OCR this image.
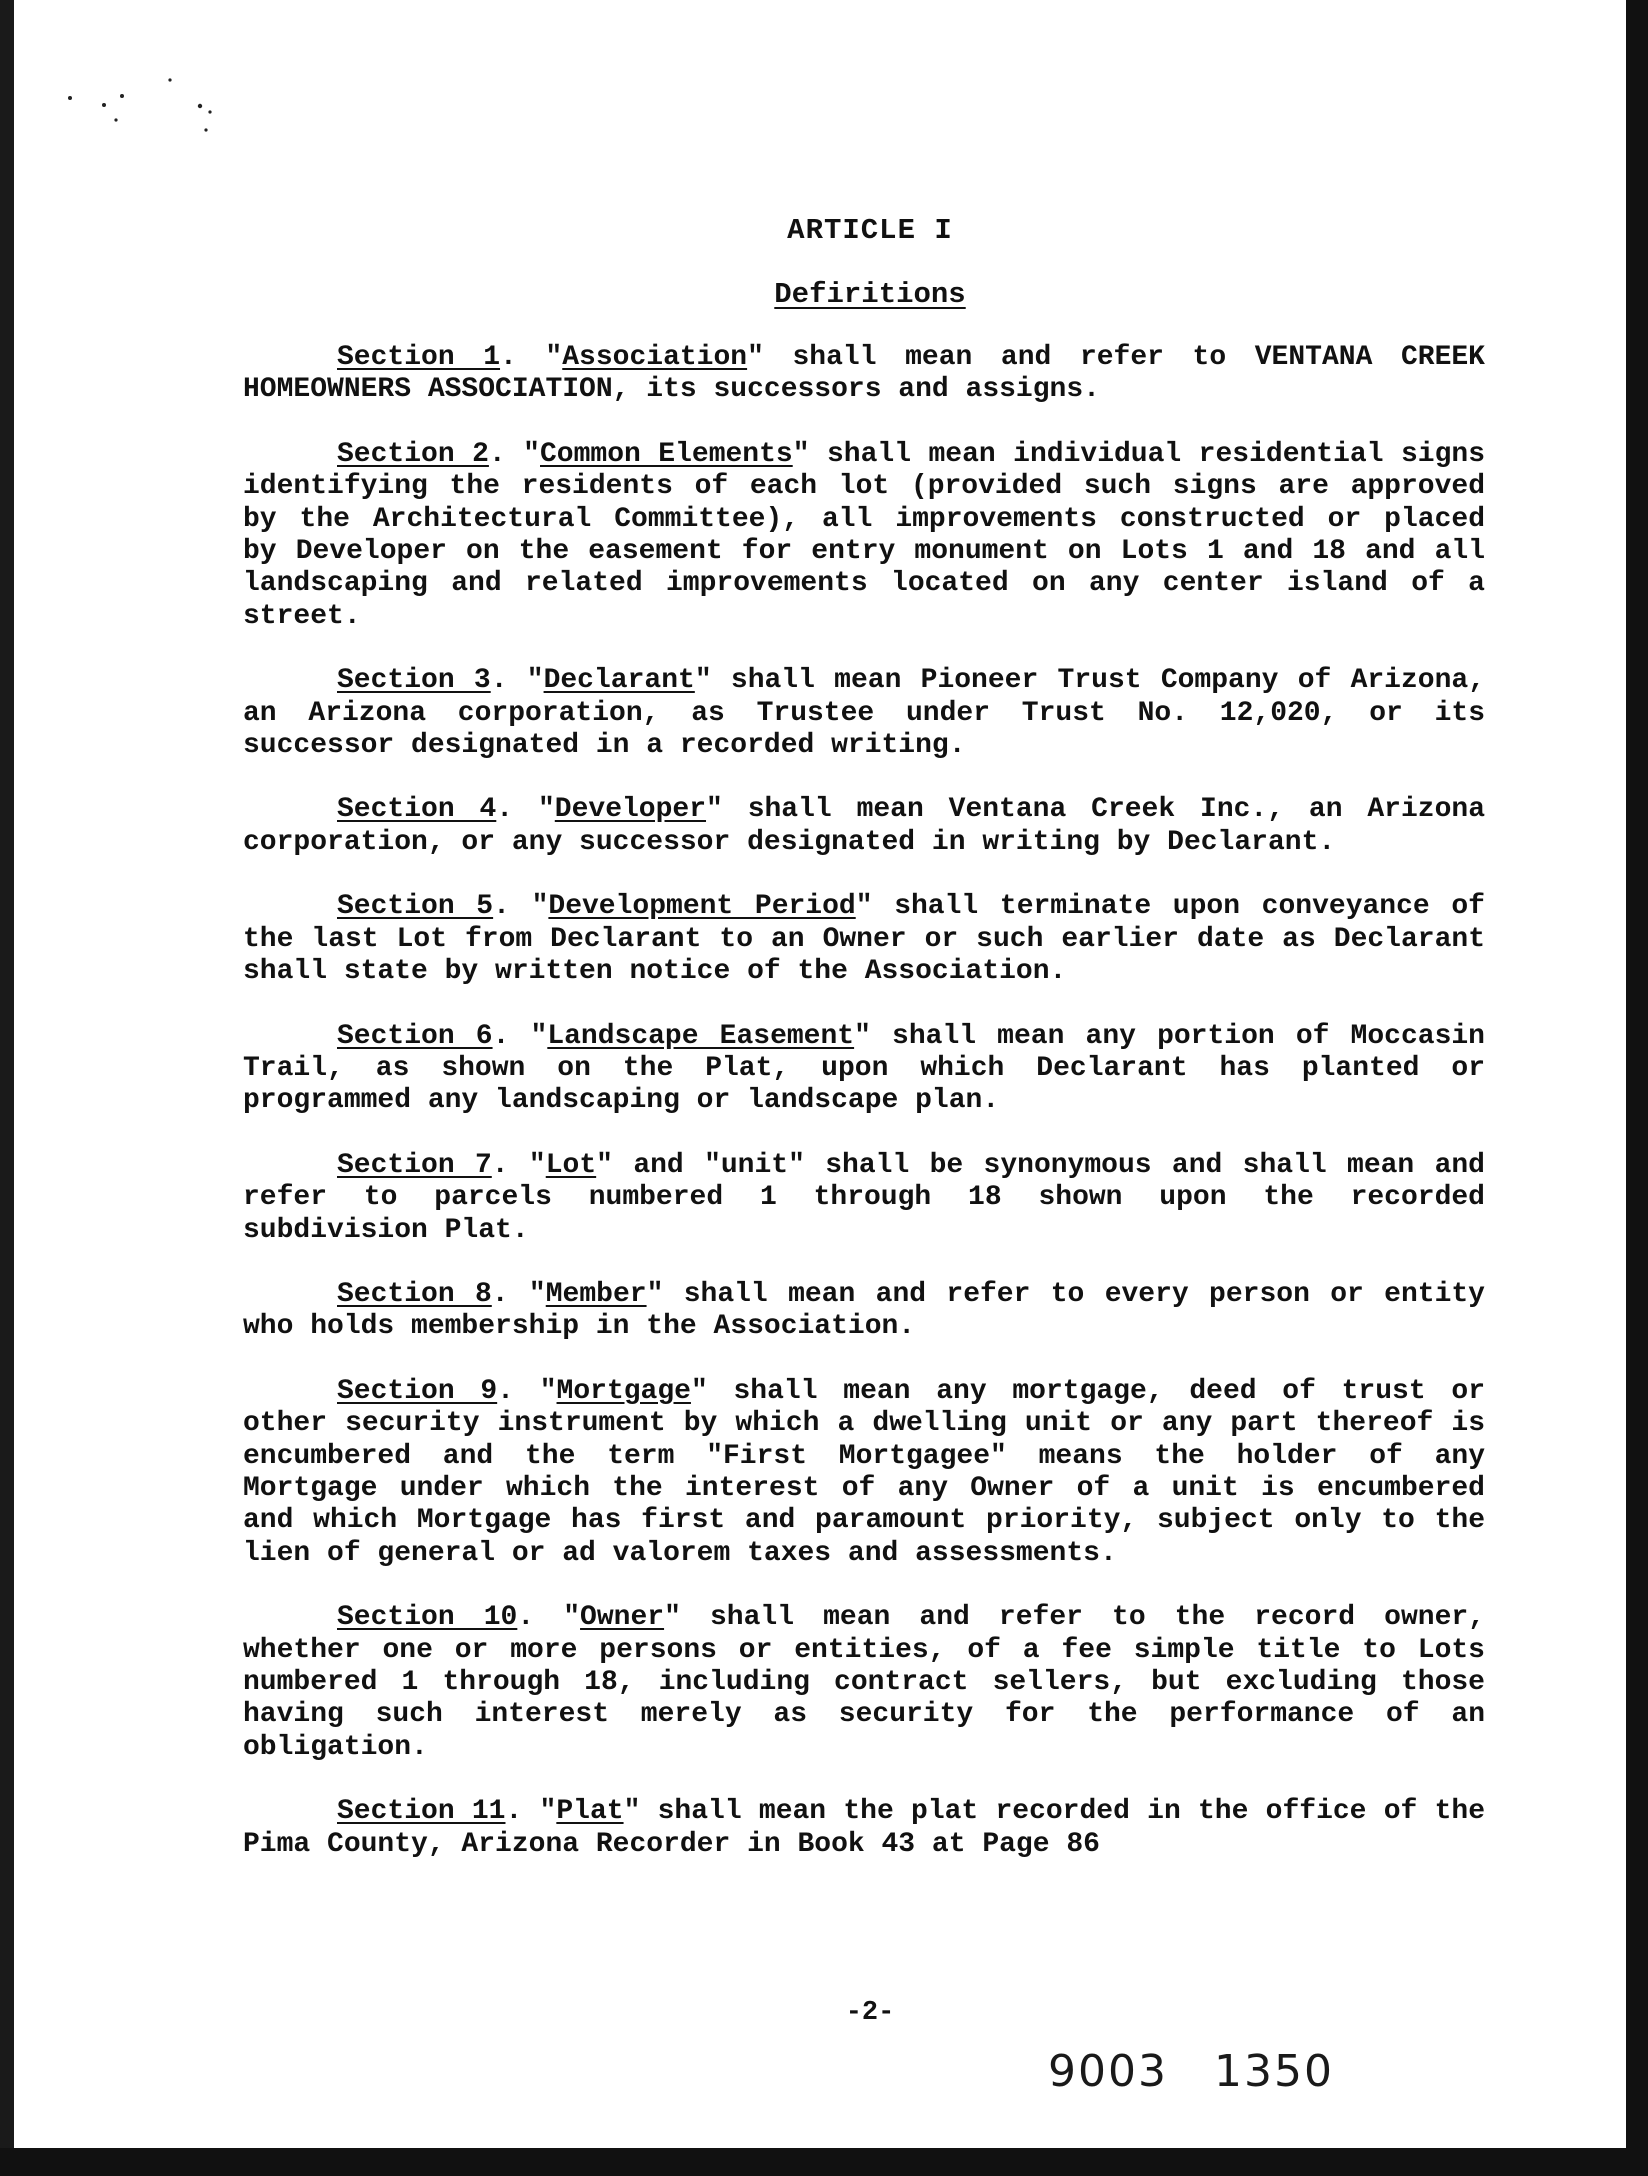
ARTICLE I
Defiritions

Section 1. "Association" shall mean and refer to VENTANA CREEK HOMEOWNERS ASSOCIATION, its successors and assigns.

Section 2. "Common Elements" shall mean individual residential signs identifying the residents of each lot (provided such signs are approved by the Architectural Committee), all improvements constructed or placed by Developer on the easement for entry monument on Lots 1 and 18 and all landscaping and related improvements located on any center island of a street.

Section 3. "Declarant" shall mean Pioneer Trust Company of Arizona, an Arizona corporation, as Trustee under Trust No. 12,020, or its successor designated in a recorded writing.

Section 4. "Developer" shall mean Ventana Creek Inc., an Arizona corporation, or any successor designated in writing by Declarant.

Section 5. "Development Period" shall terminate upon conveyance of the last Lot from Declarant to an Owner or such earlier date as Declarant shall state by written notice of the Association.

Section 6. "Landscape Easement" shall mean any portion of Moccasin Trail, as shown on the Plat, upon which Declarant has planted or programmed any landscaping or landscape plan.

Section 7. "Lot" and "unit" shall be synonymous and shall mean and refer to parcels numbered 1 through 18 shown upon the recorded subdivision Plat.

Section 8. "Member" shall mean and refer to every person or entity who holds membership in the Association.

Section 9. "Mortgage" shall mean any mortgage, deed of trust or other security instrument by which a dwelling unit or any part thereof is encumbered and the term "First Mortgagee" means the holder of any Mortgage under which the interest of any Owner of a unit is encumbered and which Mortgage has first and paramount priority, subject only to the lien of general or ad valorem taxes and assessments.

Section 10. "Owner" shall mean and refer to the record owner, whether one or more persons or entities, of a fee simple title to Lots numbered 1 through 18, including contract sellers, but excluding those having such interest merely as security for the performance of an obligation.

Section 11. "Plat" shall mean the plat recorded in the office of the Pima County, Arizona Recorder in Book 43 at Page 86

-2-
9003 1350
